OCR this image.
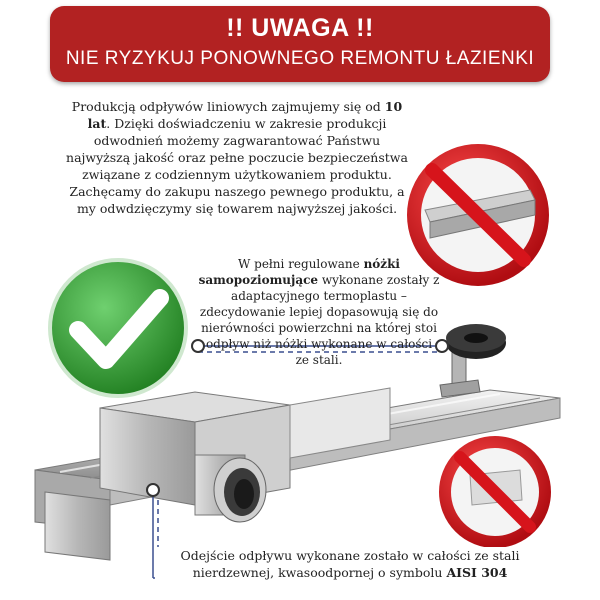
!! UWAGA !!
NIE RYZYKUJ PONOWNEGO REMONTU ŁAZIENKI
Produkcją odpływów liniowych zajmujemy się od 10 lat. Dzięki doświadczeniu w zakresie produkcji odwodnień możemy zagwarantować Państwu najwyższą jakość oraz pełne poczucie bezpieczeństwa związane z codziennym użytkowaniem produktu. Zachęcamy do zakupu naszego pewnego produktu, a my odwdzięczymy się towarem najwyższej jakości.
W pełni regulowane nóżki samopoziomujące wykonane zostały z adaptacyjnego termoplastu – zdecydowanie lepiej dopasowują się do nierówności powierzchni na której stoi odpływ niż nóżki wykonane w całości ze stali.
Odejście odpływu wykonane zostało w całości ze stali nierdzewnej, kwasoodpornej o symbolu AISI 304
